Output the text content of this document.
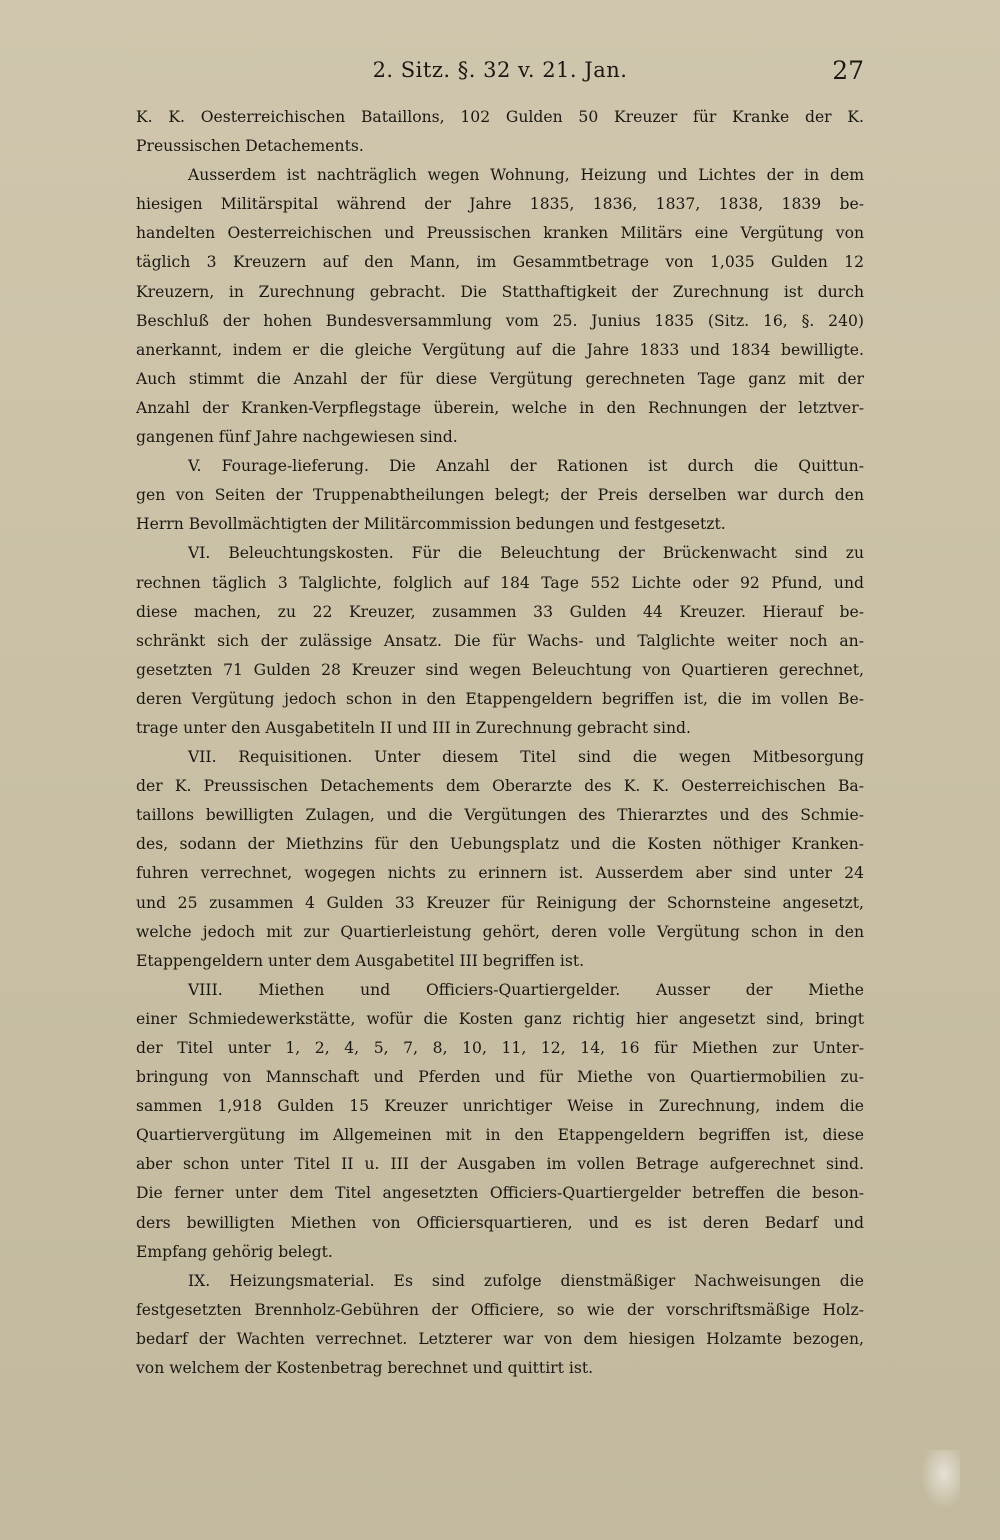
2. Sitz. §. 32 v. 21. Jan.	27
K. K. Oesterreichischen Bataillons, 102 Gulden 50 Kreuzer für Kranke der K.
Preussischen Detachements.
Ausserdem ist nachträglich wegen Wohnung, Heizung und Lichtes der in dem
hiesigen Militärspital während der Jahre 1835, 1836, 1837, 1838, 1839 be-
handelten Oesterreichischen und Preussischen kranken Militärs eine Vergütung von
täglich 3 Kreuzern auf den Mann, im Gesammtbetrage von 1,035 Gulden 12
Kreuzern, in Zurechnung gebracht. Die Statthaftigkeit der Zurechnung ist durch
Beschluß der hohen Bundesversammlung vom 25. Junius 1835 (Sitz. 16, §. 240)
anerkannt, indem er die gleiche Vergütung auf die Jahre 1833 und 1834 bewilligte.
Auch stimmt die Anzahl der für diese Vergütung gerechneten Tage ganz mit der
Anzahl der Kranken-Verpflegstage überein, welche in den Rechnungen der letztver-
gangenen fünf Jahre nachgewiesen sind.
V. Fourage-lieferung. Die Anzahl der Rationen ist durch die Quittun-
gen von Seiten der Truppenabtheilungen belegt; der Preis derselben war durch den
Herrn Bevollmächtigten der Militärcommission bedungen und festgesetzt.
VI. Beleuchtungskosten. Für die Beleuchtung der Brückenwacht sind zu
rechnen täglich 3 Talglichte, folglich auf 184 Tage 552 Lichte oder 92 Pfund, und
diese machen, zu 22 Kreuzer, zusammen 33 Gulden 44 Kreuzer. Hierauf be-
schränkt sich der zulässige Ansatz. Die für Wachs- und Talglichte weiter noch an-
gesetzten 71 Gulden 28 Kreuzer sind wegen Beleuchtung von Quartieren gerechnet,
deren Vergütung jedoch schon in den Etappengeldern begriffen ist, die im vollen Be-
trage unter den Ausgabetiteln II und III in Zurechnung gebracht sind.
VII. Requisitionen. Unter diesem Titel sind die wegen Mitbesorgung
der K. Preussischen Detachements dem Oberarzte des K. K. Oesterreichischen Ba-
taillons bewilligten Zulagen, und die Vergütungen des Thierarztes und des Schmie-
des, sodann der Miethzins für den Uebungsplatz und die Kosten nöthiger Kranken-
fuhren verrechnet, wogegen nichts zu erinnern ist. Ausserdem aber sind unter 24
und 25 zusammen 4 Gulden 33 Kreuzer für Reinigung der Schornsteine angesetzt,
welche jedoch mit zur Quartierleistung gehört, deren volle Vergütung schon in den
Etappengeldern unter dem Ausgabetitel III begriffen ist.
VIII. Miethen und Officiers-Quartiergelder. Ausser der Miethe
einer Schmiedewerkstätte, wofür die Kosten ganz richtig hier angesetzt sind, bringt
der Titel unter 1, 2, 4, 5, 7, 8, 10, 11, 12, 14, 16 für Miethen zur Unter-
bringung von Mannschaft und Pferden und für Miethe von Quartiermobilien zu-
sammen 1,918 Gulden 15 Kreuzer unrichtiger Weise in Zurechnung, indem die
Quartiervergütung im Allgemeinen mit in den Etappengeldern begriffen ist, diese
aber schon unter Titel II u. III der Ausgaben im vollen Betrage aufgerechnet sind.
Die ferner unter dem Titel angesetzten Officiers-Quartiergelder betreffen die beson-
ders bewilligten Miethen von Officiersquartieren, und es ist deren Bedarf und
Empfang gehörig belegt.
IX. Heizungsmaterial. Es sind zufolge dienstmäßiger Nachweisungen die
festgesetzten Brennholz-Gebühren der Officiere, so wie der vorschriftsmäßige Holz-
bedarf der Wachten verrechnet. Letzterer war von dem hiesigen Holzamte bezogen,
von welchem der Kostenbetrag berechnet und quittirt ist.
